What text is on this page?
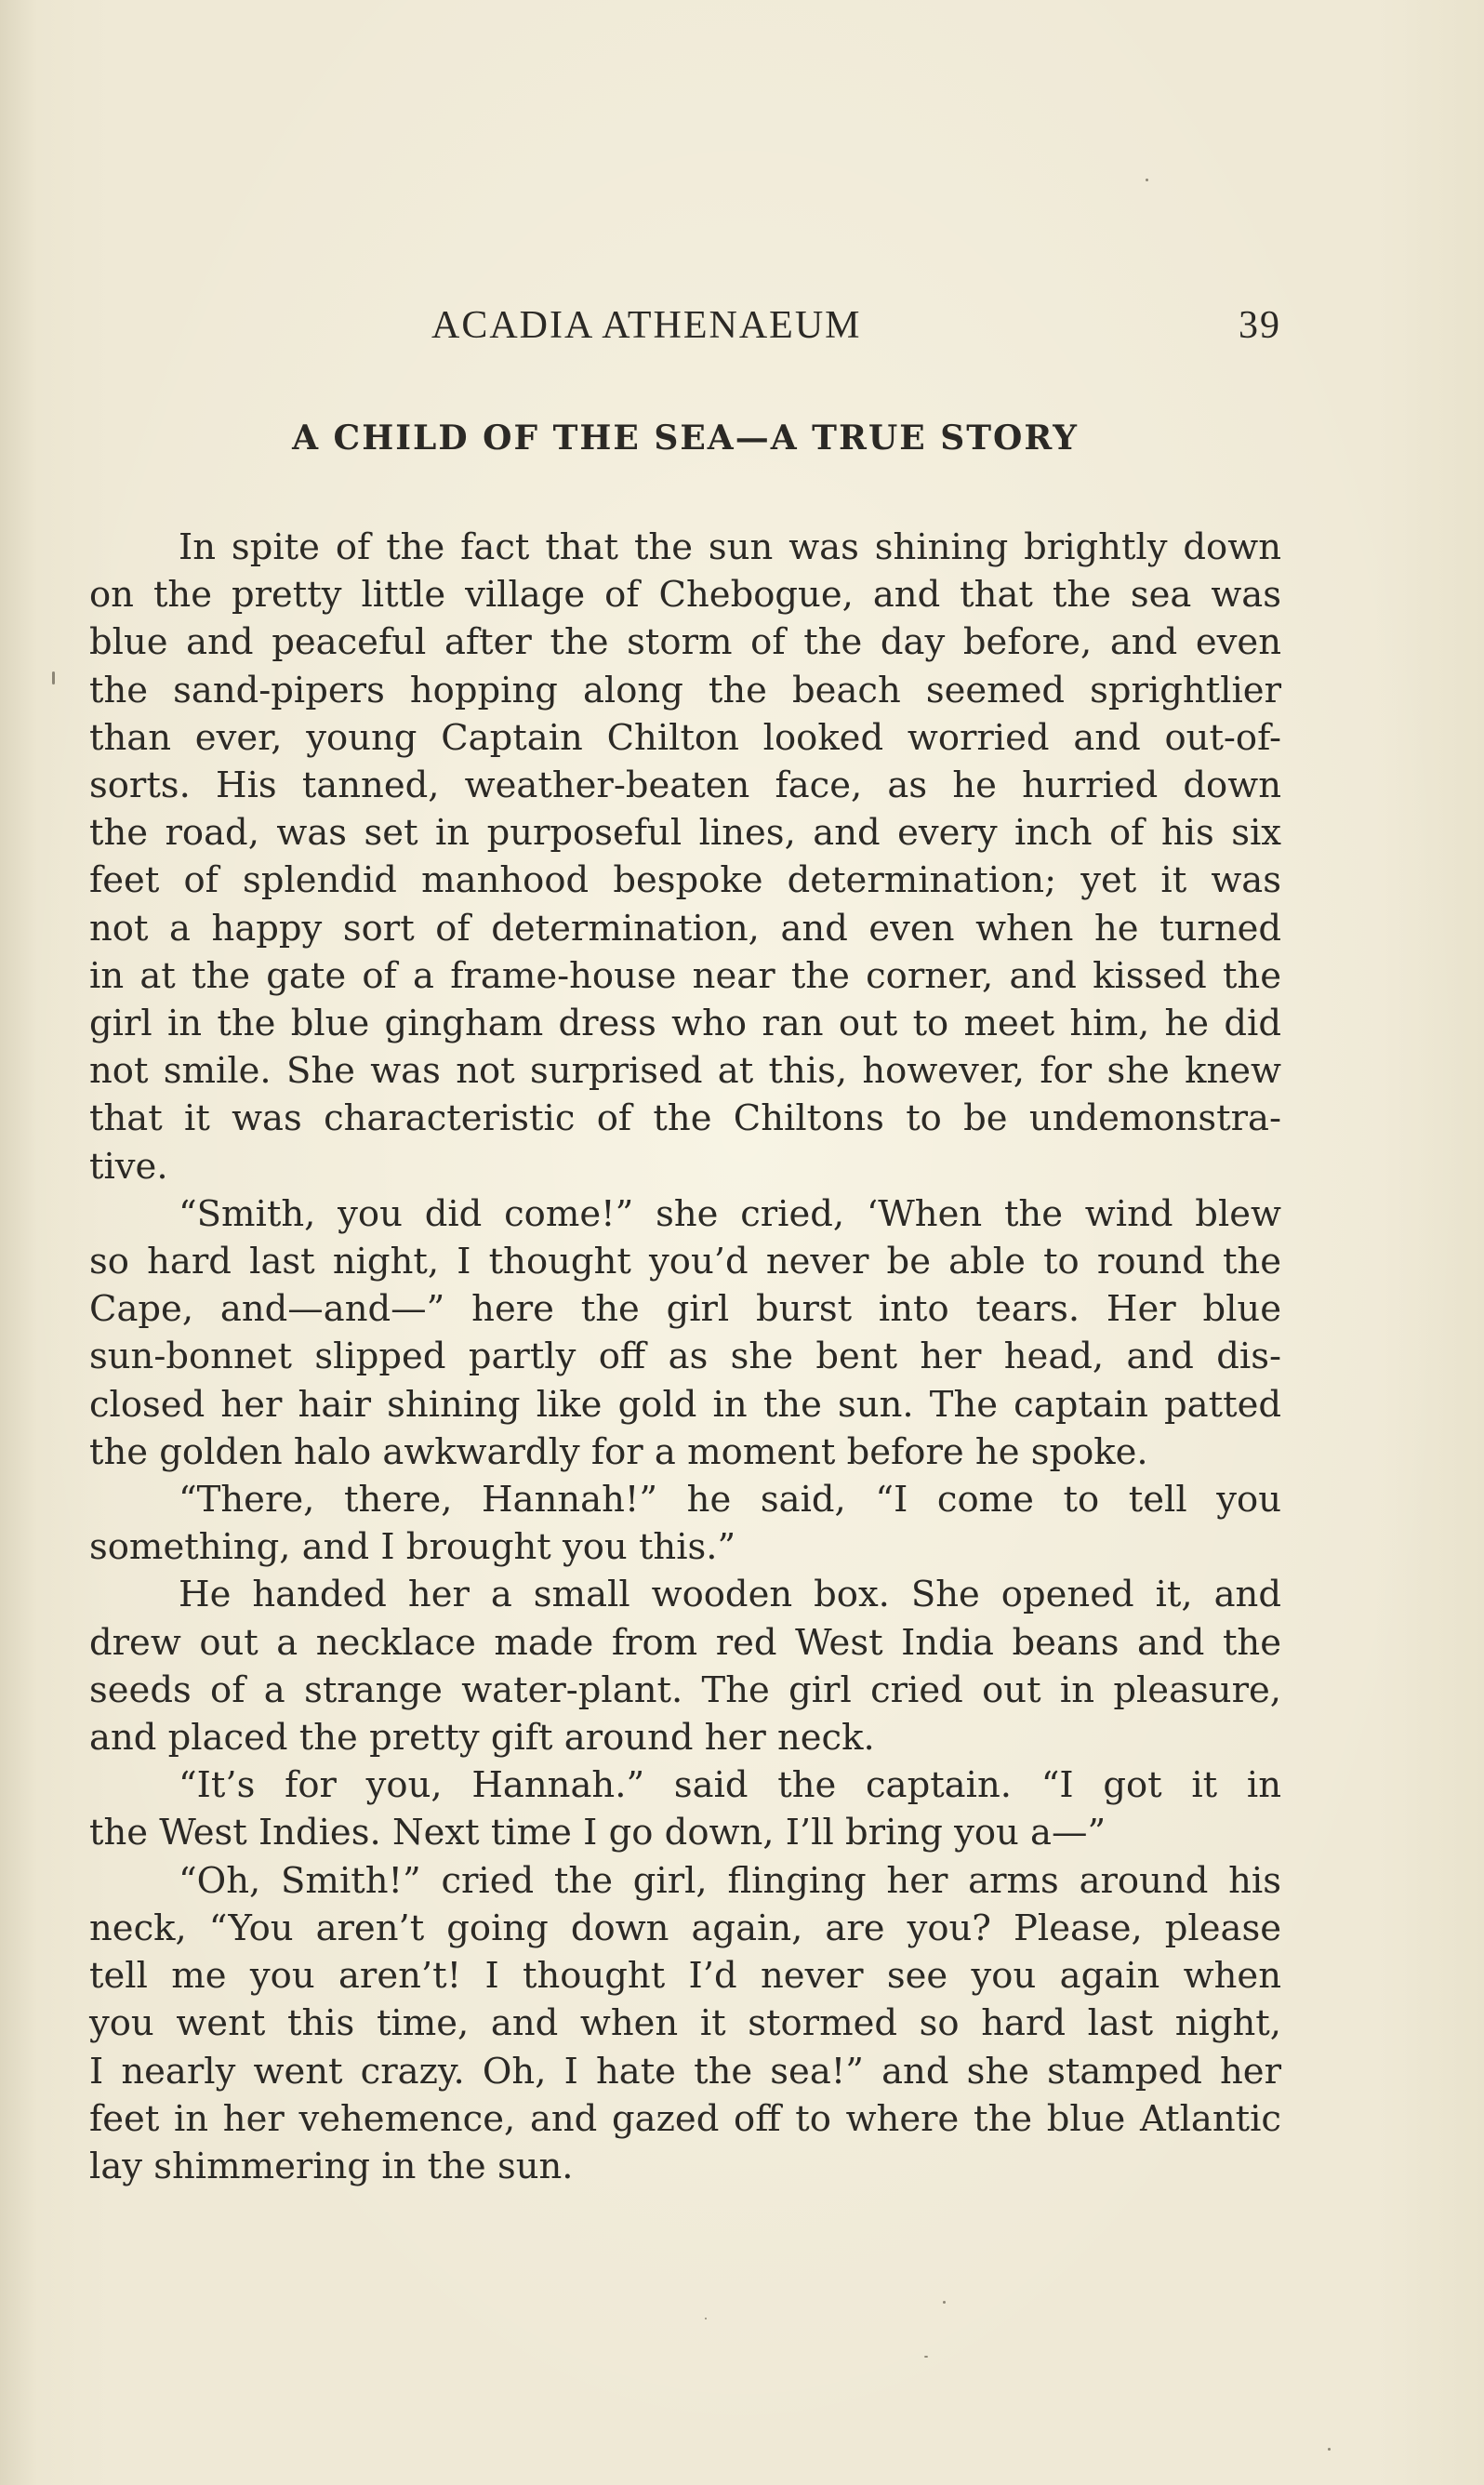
ACADIA ATHENAEUM	39
A CHILD OF THE SEA—A TRUE STORY
In spite of the fact that the sun was shining brightly down
on the pretty little village of Chebogue, and that the sea was
blue and peaceful after the storm of the day before, and even
the sand-pipers hopping along the beach seemed sprightlier
than ever, young Captain Chilton looked worried and out-of-
sorts. His tanned, weather-beaten face, as he hurried down
the road, was set in purposeful lines, and every inch of his six
feet of splendid manhood bespoke determination; yet it was
not a happy sort of determination, and even when he turned
in at the gate of a frame-house near the corner, and kissed the
girl in the blue gingham dress who ran out to meet him, he did
not smile. She was not surprised at this, however, for she knew
that it was characteristic of the Chiltons to be undemonstra-
tive.
“Smith, you did come!” she cried, ‘When the wind blew
so hard last night, I thought you’d never be able to round the
Cape, and—and—” here the girl burst into tears. Her blue
sun-bonnet slipped partly off as she bent her head, and dis-
closed her hair shining like gold in the sun. The captain patted
the golden halo awkwardly for a moment before he spoke.
“There, there, Hannah!” he said, “I come to tell you
something, and I brought you this.”
He handed her a small wooden box. She opened it, and
drew out a necklace made from red West India beans and the
seeds of a strange water-plant. The girl cried out in pleasure,
and placed the pretty gift around her neck.
“It’s for you, Hannah.” said the captain. “I got it in
the West Indies. Next time I go down, I’ll bring you a—”
“Oh, Smith!” cried the girl, flinging her arms around his
neck, “You aren’t going down again, are you? Please, please
tell me you aren’t! I thought I’d never see you again when
you went this time, and when it stormed so hard last night,
I nearly went crazy. Oh, I hate the sea!” and she stamped her
feet in her vehemence, and gazed off to where the blue Atlantic
lay shimmering in the sun.
